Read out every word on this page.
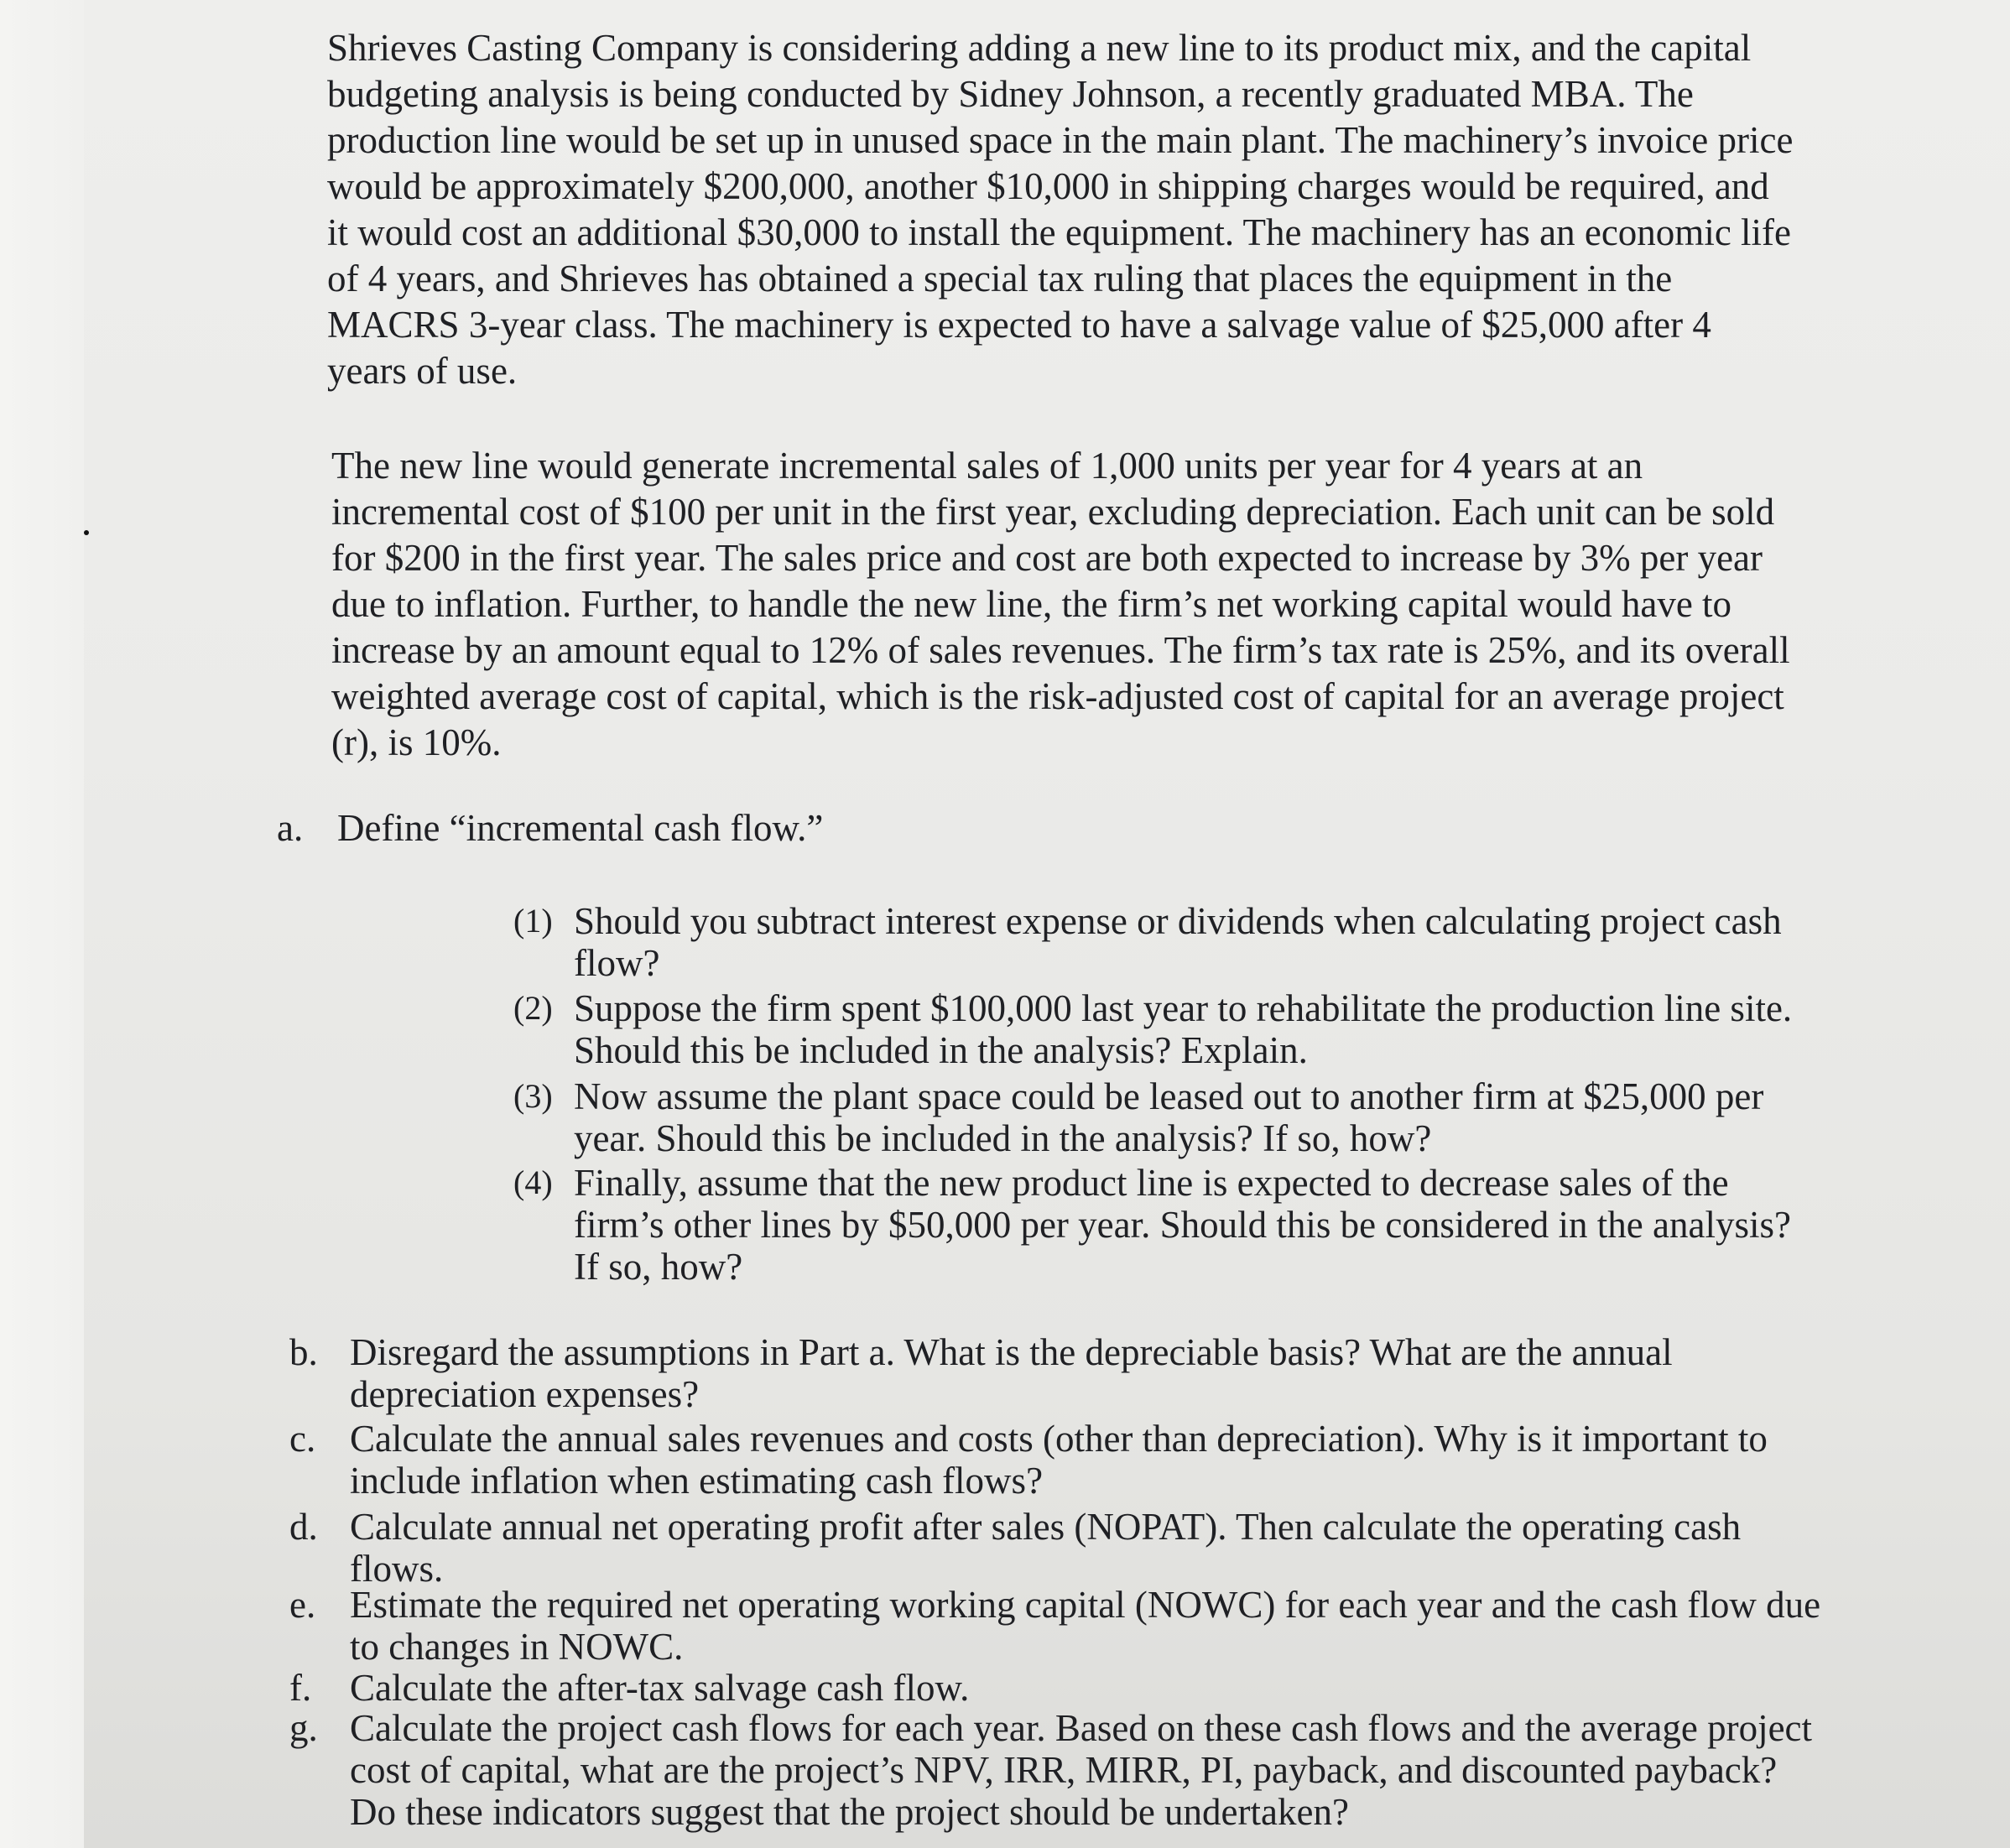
Shrieves Casting Company is considering adding a new line to its product mix, and the capital
budgeting analysis is being conducted by Sidney Johnson, a recently graduated MBA. The
production line would be set up in unused space in the main plant. The machinery’s invoice price
would be approximately $200,000, another $10,000 in shipping charges would be required, and
it would cost an additional $30,000 to install the equipment. The machinery has an economic life
of 4 years, and Shrieves has obtained a special tax ruling that places the equipment in the
MACRS 3-year class. The machinery is expected to have a salvage value of $25,000 after 4
years of use.
The new line would generate incremental sales of 1,000 units per year for 4 years at an
incremental cost of $100 per unit in the first year, excluding depreciation. Each unit can be sold
for $200 in the first year. The sales price and cost are both expected to increase by 3% per year
due to inflation. Further, to handle the new line, the firm’s net working capital would have to
increase by an amount equal to 12% of sales revenues. The firm’s tax rate is 25%, and its overall
weighted average cost of capital, which is the risk-adjusted cost of capital for an average project
(r), is 10%.
a. Define “incremental cash flow.”
(1) Should you subtract interest expense or dividends when calculating project cash
flow?
(2) Suppose the firm spent $100,000 last year to rehabilitate the production line site.
Should this be included in the analysis? Explain.
(3) Now assume the plant space could be leased out to another firm at $25,000 per
year. Should this be included in the analysis? If so, how?
(4) Finally, assume that the new product line is expected to decrease sales of the
firm’s other lines by $50,000 per year. Should this be considered in the analysis?
If so, how?
b. Disregard the assumptions in Part a. What is the depreciable basis? What are the annual
depreciation expenses?
c. Calculate the annual sales revenues and costs (other than depreciation). Why is it important to
include inflation when estimating cash flows?
d. Calculate annual net operating profit after sales (NOPAT). Then calculate the operating cash
flows.
e. Estimate the required net operating working capital (NOWC) for each year and the cash flow due
to changes in NOWC.
f. Calculate the after-tax salvage cash flow.
g. Calculate the project cash flows for each year. Based on these cash flows and the average project
cost of capital, what are the project’s NPV, IRR, MIRR, PI, payback, and discounted payback?
Do these indicators suggest that the project should be undertaken?
